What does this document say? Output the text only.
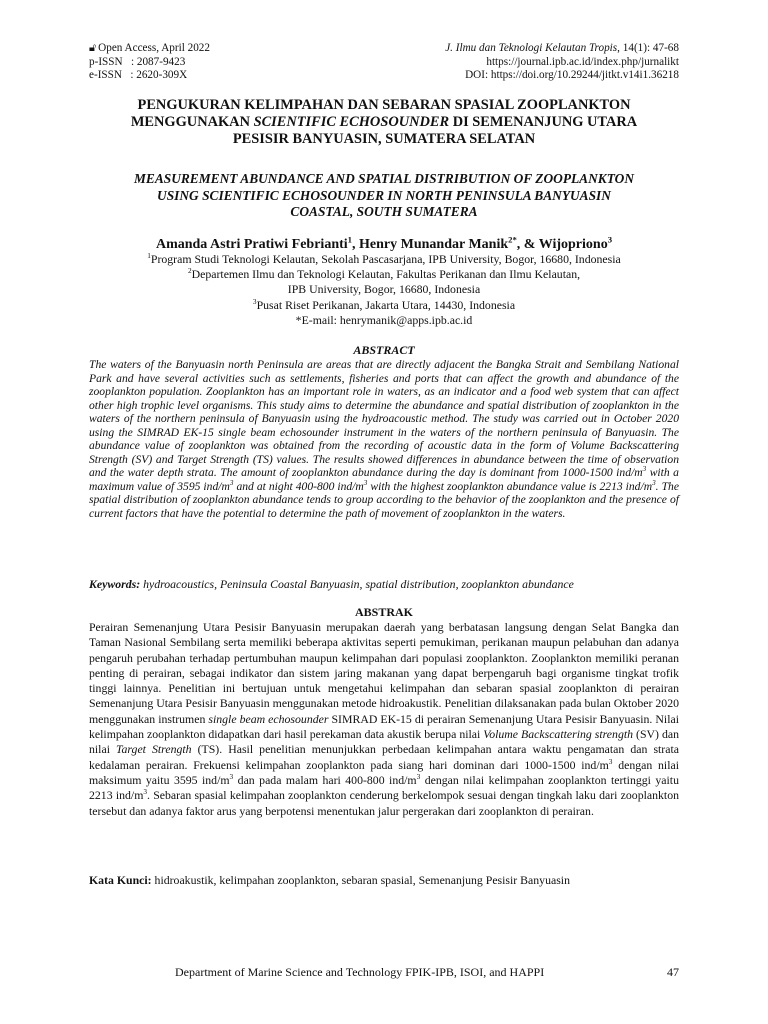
🔓︎ Open Access, April 2022	J. Ilmu dan Teknologi Kelautan Tropis, 14(1): 47-68
p-ISSN   : 2087-9423	https://journal.ipb.ac.id/index.php/jurnalikt
e-ISSN   : 2620-309X	DOI: https://doi.org/10.29244/jitkt.v14i1.36218
PENGUKURAN KELIMPAHAN DAN SEBARAN SPASIAL ZOOPLANKTON
MENGGUNAKAN SCIENTIFIC ECHOSOUNDER DI SEMENANJUNG UTARA
PESISIR BANYUASIN, SUMATERA SELATAN
MEASUREMENT ABUNDANCE AND SPATIAL DISTRIBUTION OF ZOOPLANKTON
USING SCIENTIFIC ECHOSOUNDER IN NORTH PENINSULA BANYUASIN
COASTAL, SOUTH SUMATERA
Amanda Astri Pratiwi Febrianti$^1$, Henry Munandar Manik$^{2*}$, & Wijopriono$^3$
$^1$Program Studi Teknologi Kelautan, Sekolah Pascasarjana, IPB University, Bogor, 16680, Indonesia
$^2$Departemen Ilmu dan Teknologi Kelautan, Fakultas Perikanan dan Ilmu Kelautan,
IPB University, Bogor, 16680, Indonesia
$^3$Pusat Riset Perikanan, Jakarta Utara, 14430, Indonesia
*E-mail: henrymanik@apps.ipb.ac.id
ABSTRACT
The waters of the Banyuasin north Peninsula are areas that are directly adjacent the Bangka Strait and Sembilang National Park and have several activities such as settlements, fisheries and ports that can affect the growth and abundance of the zooplankton population. Zooplankton has an important role in waters, as an indicator and a food web system that can affect other high trophic level organisms. This study aims to determine the abundance and spatial distribution of zooplankton in the waters of the northern peninsula of Banyuasin using the hydroacoustic method. The study was carried out in October 2020 using the SIMRAD EK-15 single beam echosounder instrument in the waters of the northern peninsula of Banyuasin. The abundance value of zooplankton was obtained from the recording of acoustic data in the form of Volume Backscattering Strength (SV) and Target Strength (TS) values. The results showed differences in abundance between the time of observation and the water depth strata. The amount of zooplankton abundance during the day is dominant from 1000-1500 ind/$m^3$ with a maximum value of 3595 ind/$m^3$ and at night 400-800 ind/$m^3$ with the highest zooplankton abundance value is 2213 ind/$m^3$. The spatial distribution of zooplankton abundance tends to group according to the behavior of the zooplankton and the presence of current factors that have the potential to determine the path of movement of zooplankton in the waters.
Keywords: hydroacoustics, Peninsula Coastal Banyuasin, spatial distribution, zooplankton abundance
ABSTRAK
Perairan Semenanjung Utara Pesisir Banyuasin merupakan daerah yang berbatasan langsung dengan Selat Bangka dan Taman Nasional Sembilang serta memiliki beberapa aktivitas seperti pemukiman, perikanan maupun pelabuhan dan adanya pengaruh perubahan terhadap pertumbuhan maupun kelimpahan dari populasi zooplankton. Zooplankton memiliki peranan penting di perairan, sebagai indikator dan sistem jaring makanan yang dapat berpengaruh bagi organisme tingkat trofik tinggi lainnya. Penelitian ini bertujuan untuk mengetahui kelimpahan dan sebaran spasial zooplankton di perairan Semenanjung Utara Pesisir Banyuasin menggunakan metode hidroakustik. Penelitian dilaksanakan pada bulan Oktober 2020 menggunakan instrumen single beam echosounder SIMRAD EK-15 di perairan Semenanjung Utara Pesisir Banyuasin. Nilai kelimpahan zooplankton didapatkan dari hasil perekaman data akustik berupa nilai Volume Backscattering strength (SV) dan nilai Target Strength (TS). Hasil penelitian menunjukkan perbedaan kelimpahan antara waktu pengamatan dan strata kedalaman perairan. Frekuensi kelimpahan zooplankton pada siang hari dominan dari 1000-1500 ind/$m^3$ dengan nilai maksimum yaitu 3595 ind/$m^3$ dan pada malam hari 400-800 ind/$m^3$ dengan nilai kelimpahan zooplankton tertinggi yaitu 2213 ind/$m^3$. Sebaran spasial kelimpahan zooplankton cenderung berkelompok sesuai dengan tingkah laku dari zooplankton tersebut dan adanya faktor arus yang berpotensi menentukan jalur pergerakan dari zooplankton di perairan.
Kata Kunci: hidroakustik, kelimpahan zooplankton, sebaran spasial, Semenanjung Pesisir Banyuasin
Department of Marine Science and Technology FPIK-IPB, ISOI, and HAPPI	47
